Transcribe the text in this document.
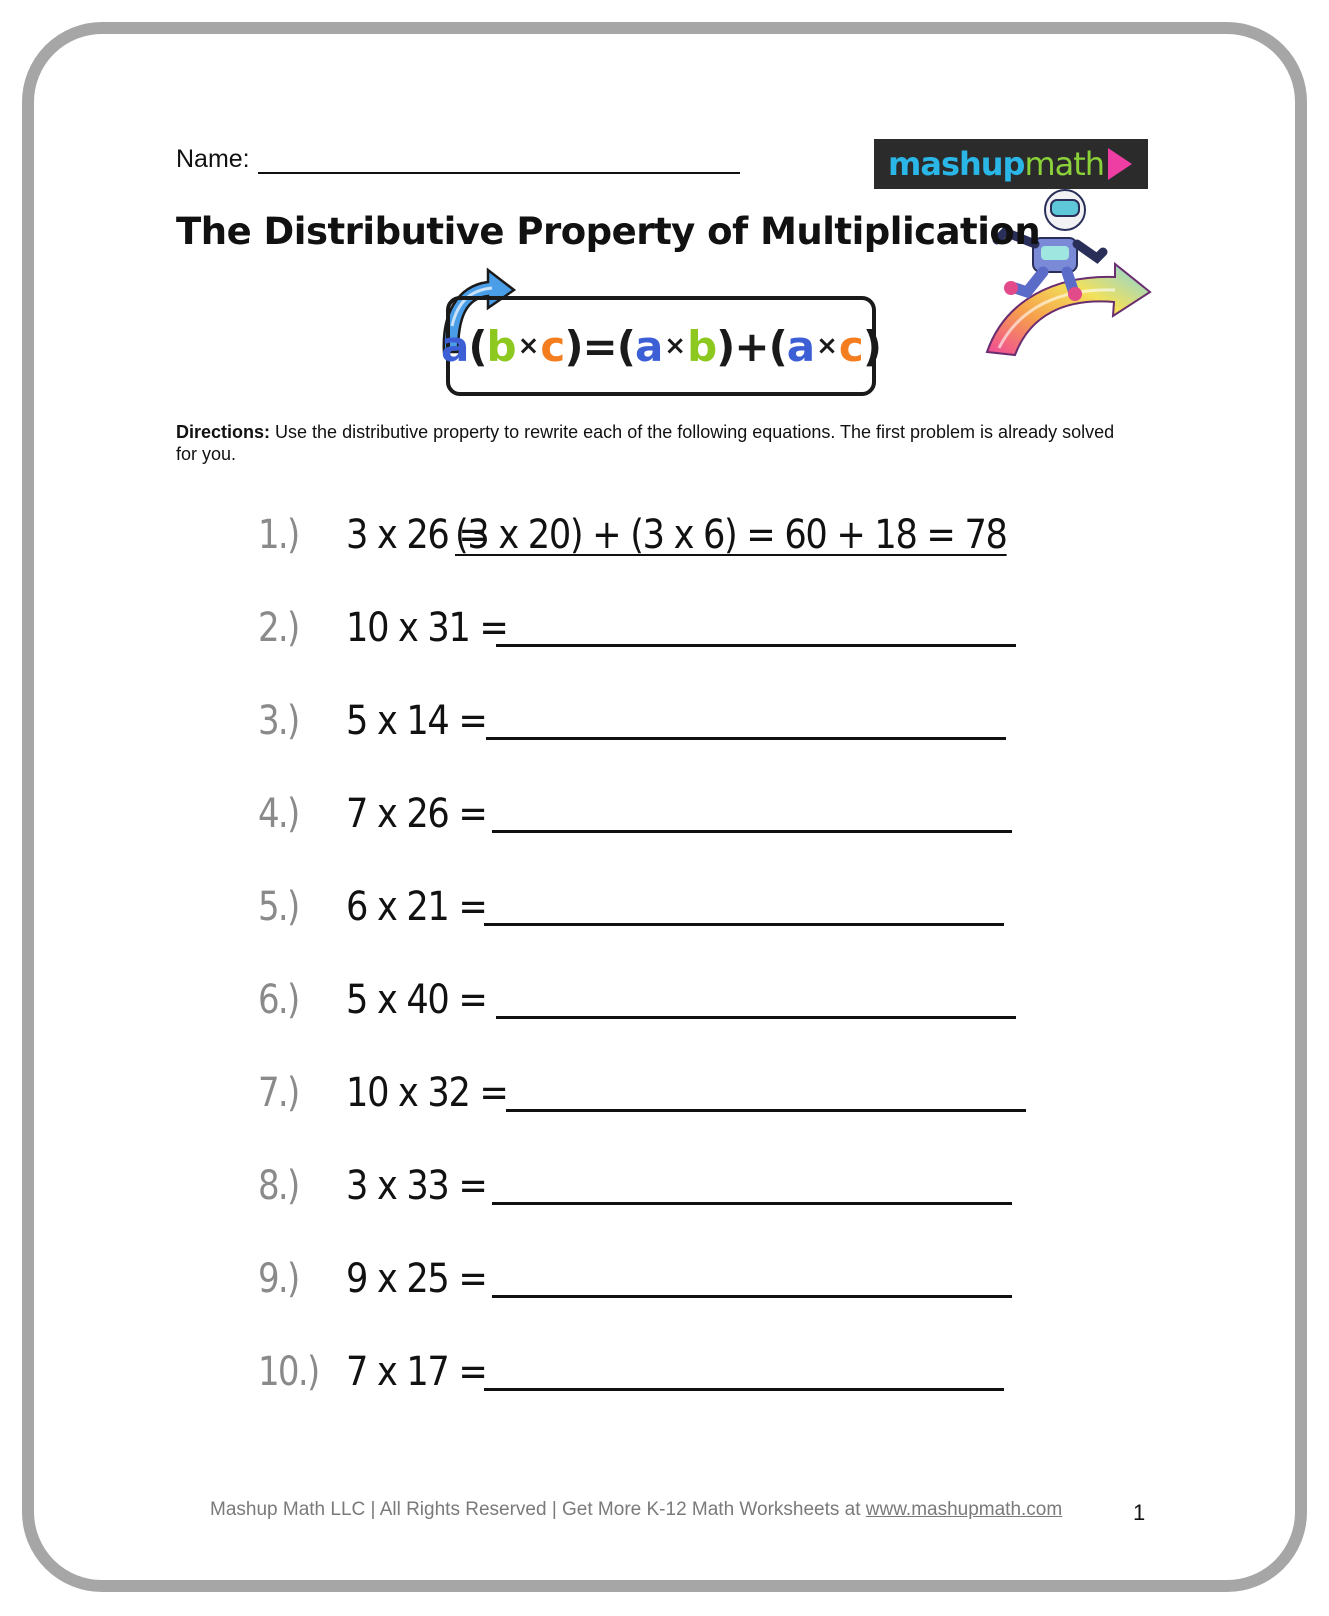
Name:	mashup math
The Distributive Property of Multiplication
a ( b × c ) = ( a × b ) + ( a × c )
Directions: Use the distributive property to rewrite each of the following equations. The first problem is already solved for you.
1.)	3 x 26 =
(3 x 20) + (3 x 6) = 60 + 18 = 78
2.)	10 x 31 =
3.)	5 x 14 =
4.)	7 x 26 =
5.)	6 x 21 =
6.)	5 x 40 =
7.)	10 x 32 =
8.)	3 x 33 =
9.)	9 x 25 =
10.) 7 x 17 =
Mashup Math LLC | All Rights Reserved | Get More K-12 Math Worksheets at www.mashupmath.com	1
